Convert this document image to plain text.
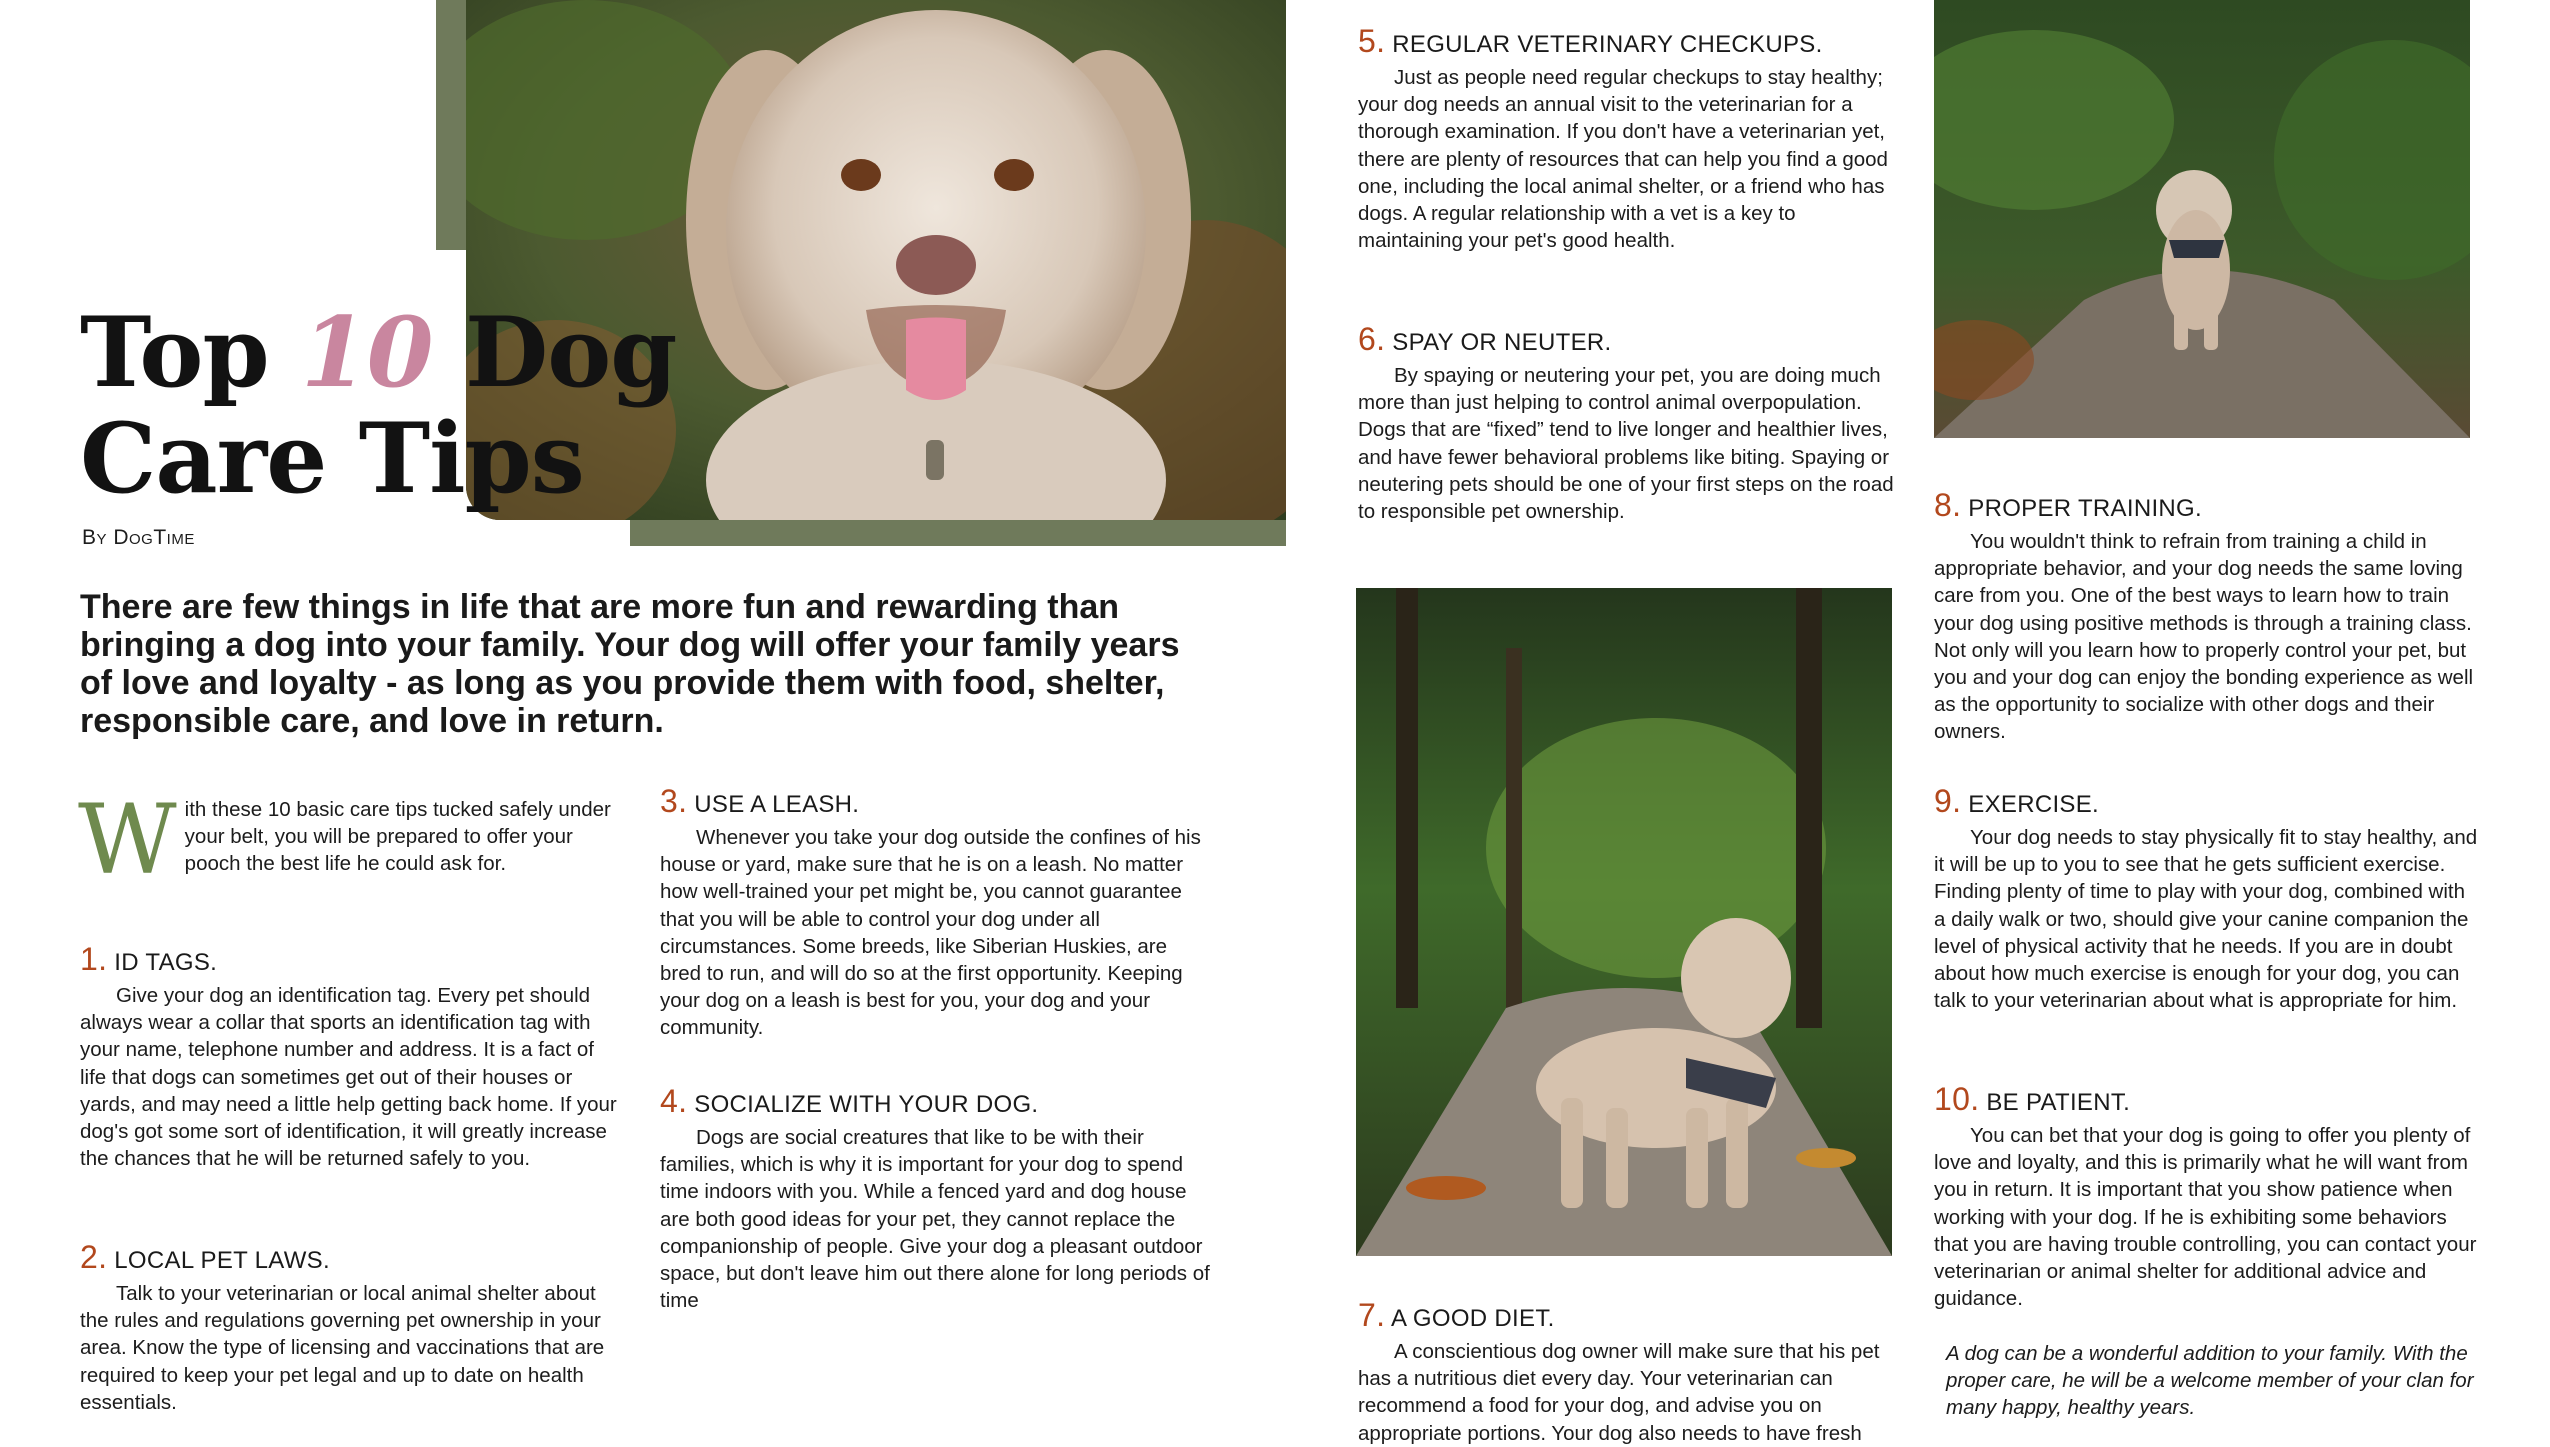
Top 10 Dog
Care Tips
By DogTime
There are few things in life that are more fun and rewarding than bringing a dog into your family. Your dog will offer your family years of love and loyalty - as long as you provide them with food, shelter, responsible care, and love in return.
With these 10 basic care tips tucked safely under your belt, you will be prepared to offer your pooch the best life he could ask for.
1. ID TAGS.

Give your dog an identification tag. Every pet should always wear a collar that sports an identification tag with your name, telephone number and address. It is a fact of life that dogs can sometimes get out of their houses or yards, and may need a little help getting back home. If your dog's got some sort of identification, it will greatly increase the chances that he will be returned safely to you.

2. LOCAL PET LAWS.

Talk to your veterinarian or local animal shelter about the rules and regulations governing pet ownership in your area. Know the type of licensing and vaccinations that are required to keep your pet legal and up to date on health essentials.

3. USE A LEASH.

Whenever you take your dog outside the confines of his house or yard, make sure that he is on a leash. No matter how well-trained your pet might be, you cannot guarantee that you will be able to control your dog under all circumstances. Some breeds, like Siberian Huskies, are bred to run, and will do so at the first opportunity. Keeping your dog on a leash is best for you, your dog and your community.

4. SOCIALIZE WITH YOUR DOG.

Dogs are social creatures that like to be with their families, which is why it is important for your dog to spend time indoors with you. While a fenced yard and dog house are both good ideas for your pet, they cannot replace the companionship of people. Give your dog a pleasant outdoor space, but don't leave him out there alone for long periods of time

5. REGULAR VETERINARY CHECKUPS.

Just as people need regular checkups to stay healthy; your dog needs an annual visit to the veterinarian for a thorough examination. If you don't have a veterinarian yet, there are plenty of resources that can help you find a good one, including the local animal shelter, or a friend who has dogs. A regular relationship with a vet is a key to maintaining your pet's good health.

6. SPAY OR NEUTER.

By spaying or neutering your pet, you are doing much more than just helping to control animal overpopulation. Dogs that are “fixed” tend to live longer and healthier lives, and have fewer behavioral problems like biting. Spaying or neutering pets should be one of your first steps on the road to responsible pet ownership.

7. A GOOD DIET.

A conscientious dog owner will make sure that his pet has a nutritious diet every day. Your veterinarian can recommend a food for your dog, and advise you on appropriate portions. Your dog also needs to have fresh

8. PROPER TRAINING.

You wouldn't think to refrain from training a child in appropriate behavior, and your dog needs the same loving care from you. One of the best ways to learn how to train your dog using positive methods is through a training class. Not only will you learn how to properly control your pet, but you and your dog can enjoy the bonding experience as well as the opportunity to socialize with other dogs and their owners.

9. EXERCISE.

Your dog needs to stay physically fit to stay healthy, and it will be up to you to see that he gets sufficient exercise. Finding plenty of time to play with your dog, combined with a daily walk or two, should give your canine companion the level of physical activity that he needs. If you are in doubt about how much exercise is enough for your dog, you can talk to your veterinarian about what is appropriate for him.

10. BE PATIENT.

You can bet that your dog is going to offer you plenty of love and loyalty, and this is primarily what he will want from you in return. It is important that you show patience when working with your dog. If he is exhibiting some behaviors that you are having trouble controlling, you can contact your veterinarian or animal shelter for additional advice and guidance.

A dog can be a wonderful addition to your family. With the proper care, he will be a welcome member of your clan for many happy, healthy years.
